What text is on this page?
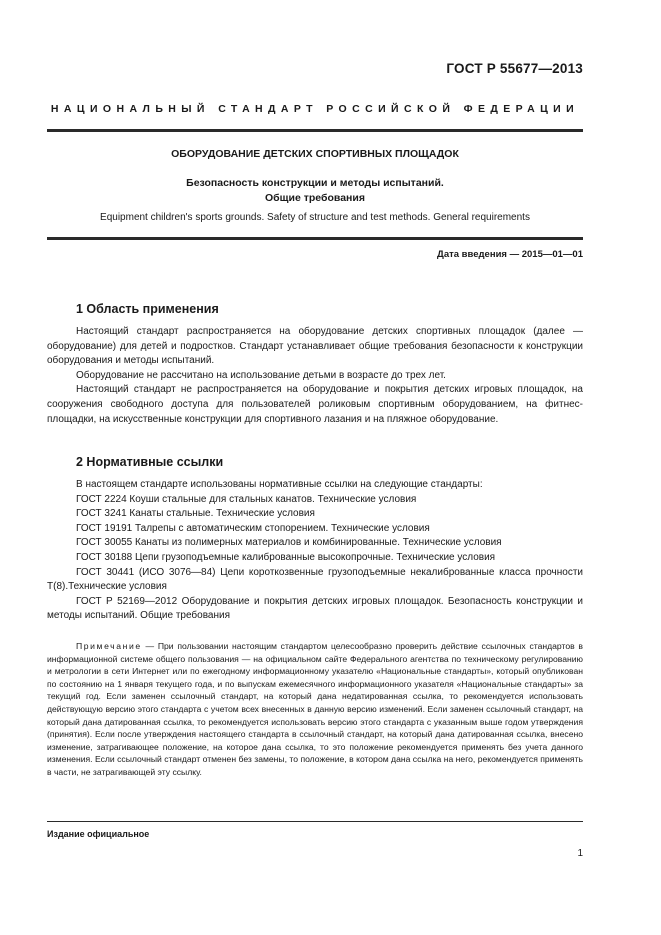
ГОСТ Р 55677—2013
НАЦИОНАЛЬНЫЙ СТАНДАРТ РОССИЙСКОЙ ФЕДЕРАЦИИ
ОБОРУДОВАНИЕ ДЕТСКИХ СПОРТИВНЫХ ПЛОЩАДОК
Безопасность конструкции и методы испытаний.
Общие требования
Equipment children's sports grounds. Safety of structure and test methods. General requirements
Дата введения — 2015—01—01
1 Область применения

Настоящий стандарт распространяется на оборудование детских спортивных площадок (далее — оборудование) для детей и подростков. Стандарт устанавливает общие требования безопасности к конструкции оборудования и методы испытаний.

Оборудование не рассчитано на использование детьми в возрасте до трех лет.

Настоящий стандарт не распространяется на оборудование и покрытия детских игровых площадок, на сооружения свободного доступа для пользователей роликовым спортивным оборудованием, на фитнес-площадки, на искусственные конструкции для спортивного лазания и на пляжное оборудование.

2 Нормативные ссылки

В настоящем стандарте использованы нормативные ссылки на следующие стандарты:

ГОСТ 2224 Коуши стальные для стальных канатов. Технические условия

ГОСТ 3241 Канаты стальные. Технические условия

ГОСТ 19191 Талрепы с автоматическим стопорением. Технические условия

ГОСТ 30055 Канаты из полимерных материалов и комбинированные. Технические условия

ГОСТ 30188 Цепи грузоподъемные калиброванные высокопрочные. Технические условия

ГОСТ 30441 (ИСО 3076—84) Цепи короткозвенные грузоподъемные некалиброванные класса прочности Т(8).Технические условия

ГОСТ Р 52169—2012 Оборудование и покрытия детских игровых площадок. Безопасность конструкции и методы испытаний. Общие требования

Примечание — При пользовании настоящим стандартом целесообразно проверить действие ссылочных стандартов в информационной системе общего пользования — на официальном сайте Федерального агентства по техническому регулированию и метрологии в сети Интернет или по ежегодному информационному указателю «Национальные стандарты», который опубликован по состоянию на 1 января текущего года, и по выпускам ежемесячного информационного указателя «Национальные стандарты» за текущий год. Если заменен ссылочный стандарт, на который дана недатированная ссылка, то рекомендуется использовать действующую версию этого стандарта с учетом всех внесенных в данную версию изменений. Если заменен ссылочный стандарт, на который дана датированная ссылка, то рекомендуется использовать версию этого стандарта с указанным выше годом утверждения (принятия). Если после утверждения настоящего стандарта в ссылочный стандарт, на который дана датированная ссылка, внесено изменение, затрагивающее положение, на которое дана ссылка, то это положение рекомендуется применять без учета данного изменения. Если ссылочный стандарт отменен без замены, то положение, в котором дана ссылка на него, рекомендуется применять в части, не затрагивающей эту ссылку.

Издание официальное
1
